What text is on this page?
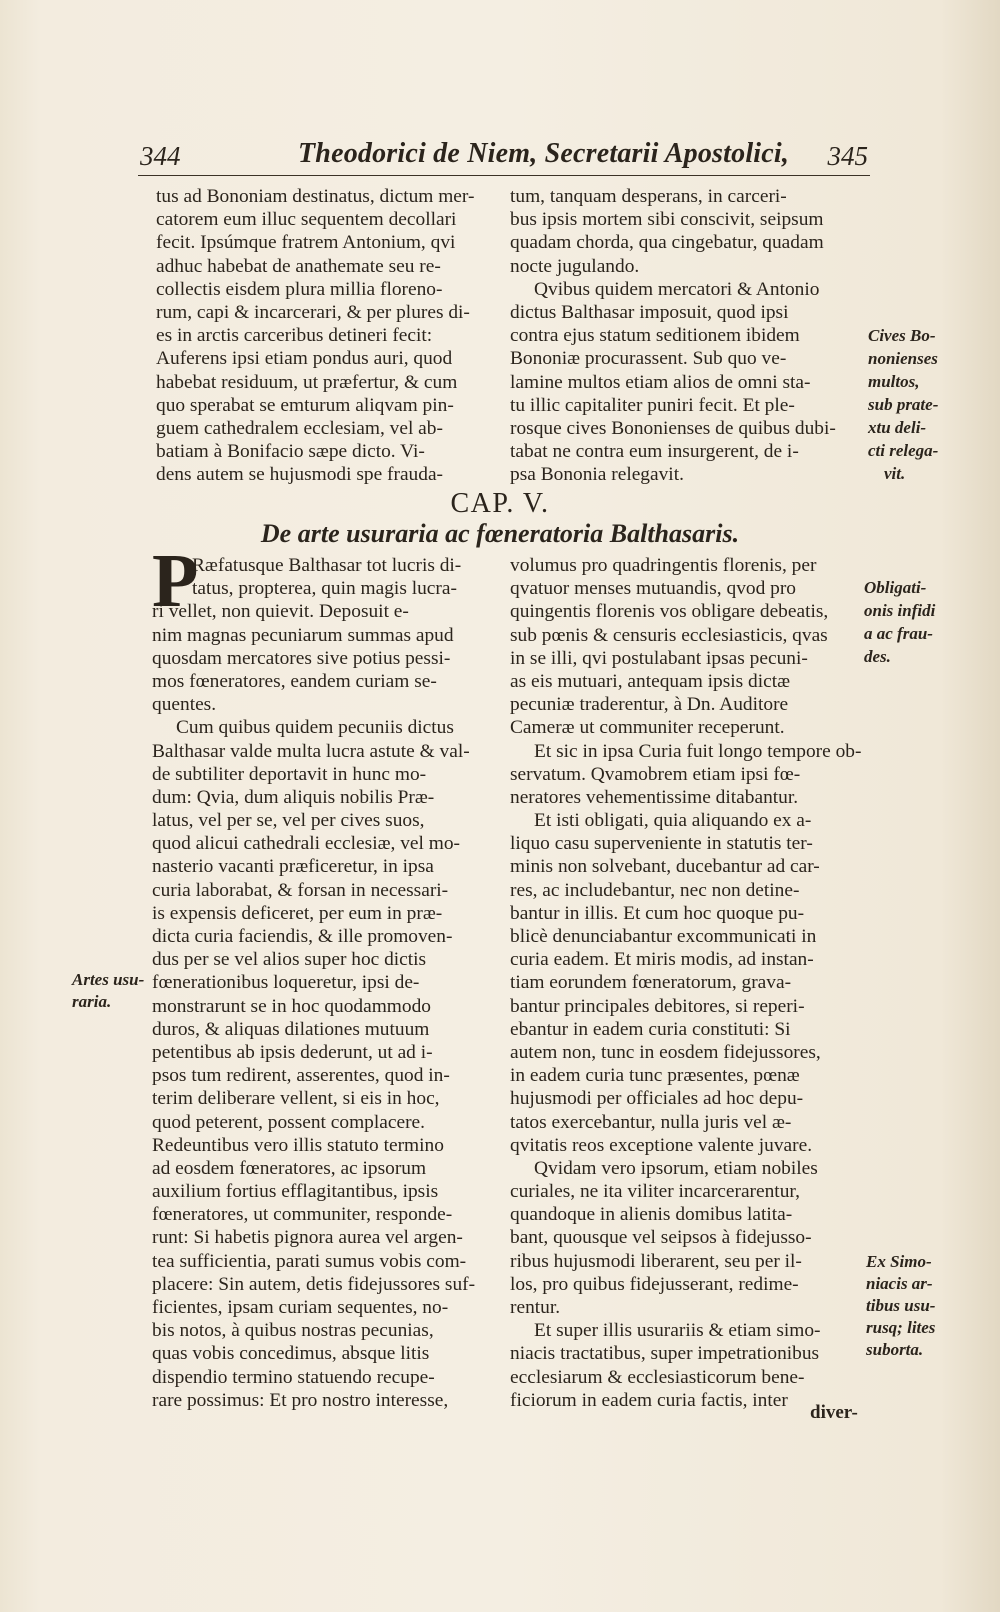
344	Theodorici de Niem, Secretarii Apostolici, 345
tus ad Bononiam destinatus, dictum mer-
catorem eum illuc sequentem decollari
fecit. Ipsúmque fratrem Antonium, qvi
adhuc habebat de anathemate seu re-
collectis eisdem plura millia floreno-
rum, capi & incarcerari, & per plures di-
es in arctis carceribus detineri fecit:
Auferens ipsi etiam pondus auri, quod
habebat residuum, ut præfertur, & cum
quo sperabat se emturum aliqvam pin-
guem cathedralem ecclesiam, vel ab-
batiam à Bonifacio sæpe dicto. Vi-
dens autem se hujusmodi spe frauda-
tum, tanquam desperans, in carceri-
bus ipsis mortem sibi conscivit, seipsum
quadam chorda, qua cingebatur, quadam
nocte jugulando.
Qvibus quidem mercatori & Antonio
dictus Balthasar imposuit, quod ipsi
contra ejus statum seditionem ibidem
Bononiæ procurassent. Sub quo ve-
lamine multos etiam alios de omni sta-
tu illic capitaliter puniri fecit. Et ple-
rosque cives Bononienses de quibus dubi-
tabat ne contra eum insurgerent, de i-
psa Bononia relegavit.
Cives Bo-
nonienses
multos,
sub prate-
xtu deli-
cti relega-
vit.
CAP. V.
De arte usuraria ac fœneratoria Balthasaris.
P
Ræfatusque Balthasar tot lucris di-
tatus, propterea, quin magis lucra-
ri vellet, non quievit. Deposuit e-
nim magnas pecuniarum summas apud
quosdam mercatores sive potius pessi-
mos fœneratores, eandem curiam se-
quentes.
Cum quibus quidem pecuniis dictus
Balthasar valde multa lucra astute & val-
de subtiliter deportavit in hunc mo-
dum: Qvia, dum aliquis nobilis Præ-
latus, vel per se, vel per cives suos,
quod alicui cathedrali ecclesiæ, vel mo-
nasterio vacanti præficeretur, in ipsa
curia laborabat, & forsan in necessari-
is expensis deficeret, per eum in præ-
dicta curia faciendis, & ille promoven-
dus per se vel alios super hoc dictis
fœnerationibus loqueretur, ipsi de-
monstrarunt se in hoc quodammodo
duros, & aliquas dilationes mutuum
petentibus ab ipsis dederunt, ut ad i-
psos tum redirent, asserentes, quod in-
terim deliberare vellent, si eis in hoc,
quod peterent, possent complacere.
Redeuntibus vero illis statuto termino
ad eosdem fœneratores, ac ipsorum
auxilium fortius efflagitantibus, ipsis
fœneratores, ut communiter, responde-
runt: Si habetis pignora aurea vel argen-
tea sufficientia, parati sumus vobis com-
placere: Sin autem, detis fidejussores suf-
ficientes, ipsam curiam sequentes, no-
bis notos, à quibus nostras pecunias,
quas vobis concedimus, absque litis
dispendio termino statuendo recupe-
rare possimus: Et pro nostro interesse,
Artes usu-
raria.
volumus pro quadringentis florenis, per
qvatuor menses mutuandis, qvod pro
quingentis florenis vos obligare debeatis,
sub pœnis & censuris ecclesiasticis, qvas
in se illi, qvi postulabant ipsas pecuni-
as eis mutuari, antequam ipsis dictæ
pecuniæ traderentur, à Dn. Auditore
Cameræ ut communiter receperunt.
Et sic in ipsa Curia fuit longo tempore ob-
servatum. Qvamobrem etiam ipsi fœ-
neratores vehementissime ditabantur.
Et isti obligati, quia aliquando ex a-
liquo casu superveniente in statutis ter-
minis non solvebant, ducebantur ad car-
res, ac includebantur, nec non detine-
bantur in illis. Et cum hoc quoque pu-
blicè denunciabantur excommunicati in
curia eadem. Et miris modis, ad instan-
tiam eorundem fœneratorum, grava-
bantur principales debitores, si reperi-
ebantur in eadem curia constituti: Si
autem non, tunc in eosdem fidejussores,
in eadem curia tunc præsentes, pœnæ
hujusmodi per officiales ad hoc depu-
tatos exercebantur, nulla juris vel æ-
qvitatis reos exceptione valente juvare.
Qvidam vero ipsorum, etiam nobiles
curiales, ne ita viliter incarcerarentur,
quandoque in alienis domibus latita-
bant, quousque vel seipsos à fidejusso-
ribus hujusmodi liberarent, seu per il-
los, pro quibus fidejusserant, redime-
rentur.
Et super illis usurariis & etiam simo-
niacis tractatibus, super impetrationibus
ecclesiarum & ecclesiasticorum bene-
ficiorum in eadem curia factis, inter
Obligati-
onis infidi
a ac frau-
des.
Ex Simo-
niacis ar-
tibus usu-
rusq; lites
suborta.
diver-
